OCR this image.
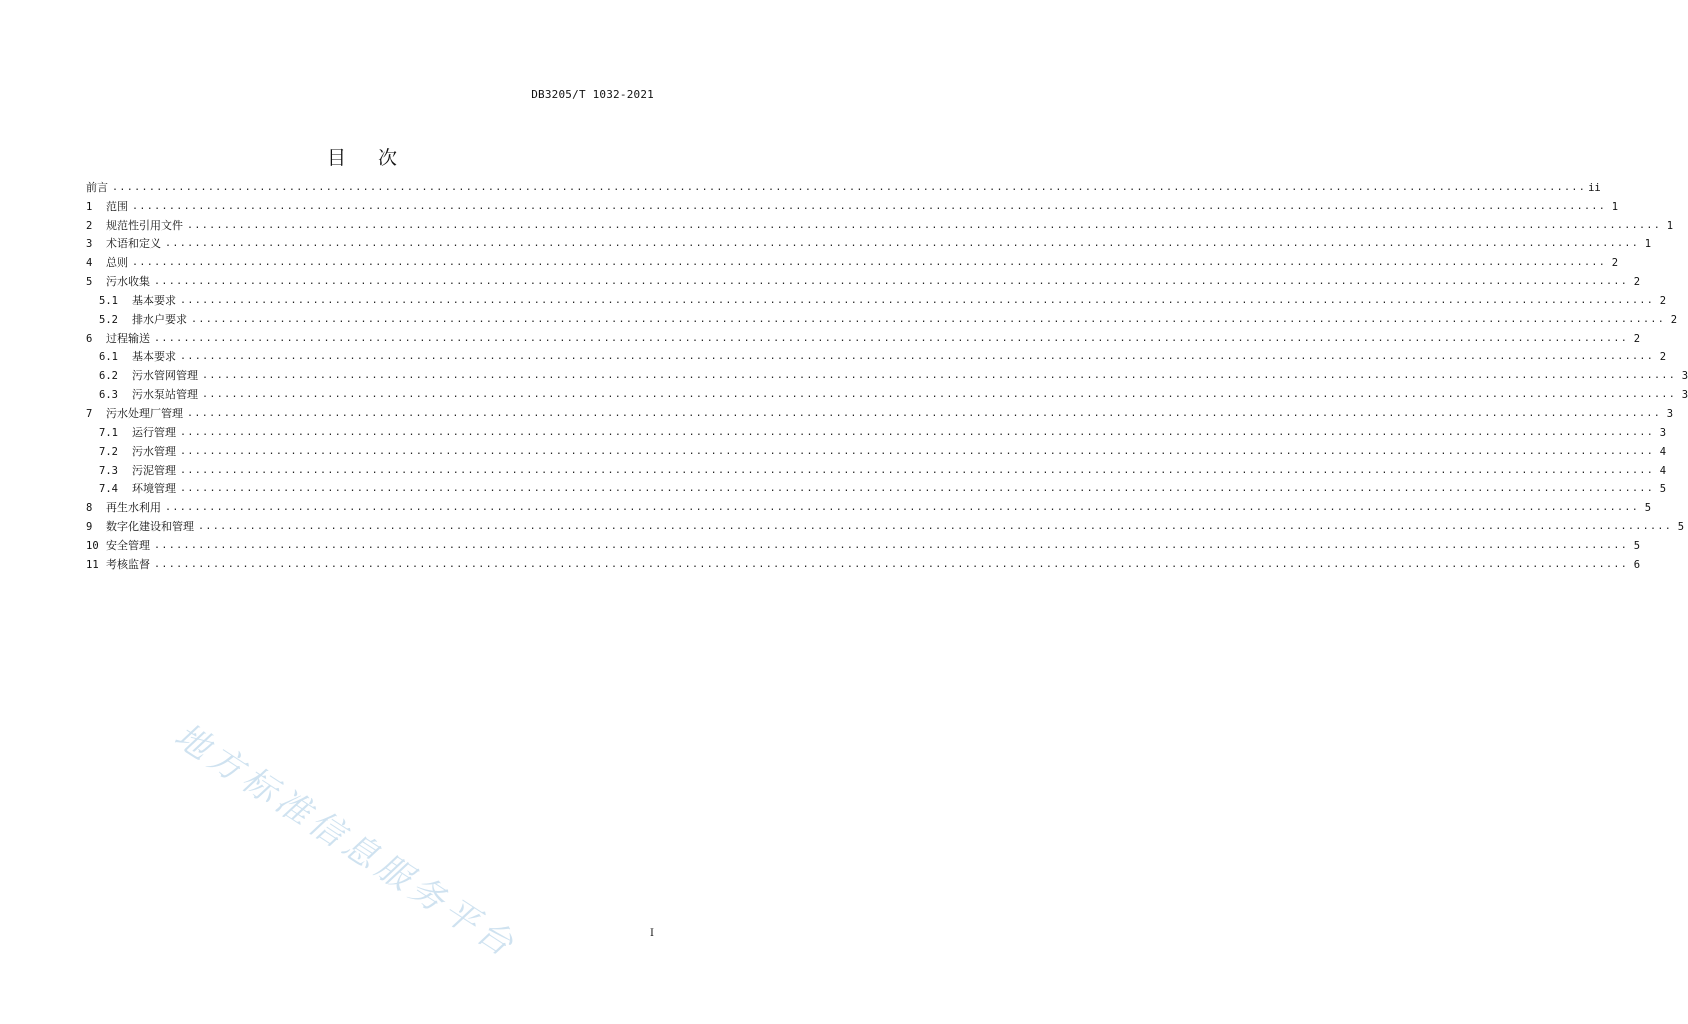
DB3205/T 1032-2021
目次
前言 ........................................................................................................................................................................................................ ii
1	范围 ........................................................................................................................................................................................................ 1
2	规范性引用文件 ........................................................................................................................................................................................................ 1
3	术语和定义 ........................................................................................................................................................................................................ 1
4	总则 ........................................................................................................................................................................................................ 2
5	污水收集 ........................................................................................................................................................................................................ 2
5.1	基本要求 ........................................................................................................................................................................................................ 2
5.2	排水户要求 ........................................................................................................................................................................................................ 2
6	过程输送 ........................................................................................................................................................................................................ 2
6.1	基本要求 ........................................................................................................................................................................................................ 2
6.2	污水管网管理 ........................................................................................................................................................................................................ 3
6.3	污水泵站管理 ........................................................................................................................................................................................................ 3
7	污水处理厂管理 ........................................................................................................................................................................................................ 3
7.1	运行管理 ........................................................................................................................................................................................................ 3
7.2	污水管理 ........................................................................................................................................................................................................ 4
7.3	污泥管理 ........................................................................................................................................................................................................ 4
7.4	环境管理 ........................................................................................................................................................................................................ 5
8	再生水利用 ........................................................................................................................................................................................................ 5
9	数字化建设和管理 ........................................................................................................................................................................................................ 5
10 安全管理 ........................................................................................................................................................................................................ 5
11 考核监督 ........................................................................................................................................................................................................ 6
地方标准信息服务平台	I
